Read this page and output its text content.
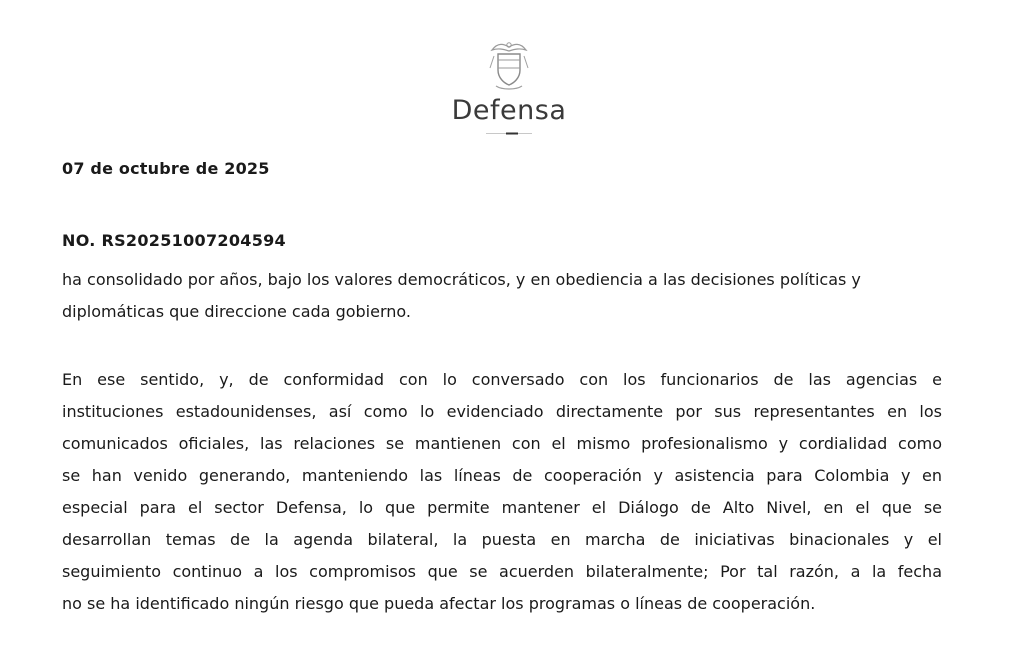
Defensa
07 de octubre de 2025
NO. RS20251007204594

ha consolidado por años, bajo los valores democráticos, y en obediencia a las decisiones políticas y diplomáticas que direccione cada gobierno.

En ese sentido, y, de conformidad con lo conversado con los funcionarios de las agencias e
instituciones estadounidenses, así como lo evidenciado directamente por sus representantes en los
comunicados oficiales, las relaciones se mantienen con el mismo profesionalismo y cordialidad como
se han venido generando, manteniendo las líneas de cooperación y asistencia para Colombia y en
especial para el sector Defensa, lo que permite mantener el Diálogo de Alto Nivel, en el que se
desarrollan temas de la agenda bilateral, la puesta en marcha de iniciativas binacionales y el
seguimiento continuo a los compromisos que se acuerden bilateralmente; Por tal razón, a la fecha
no se ha identificado ningún riesgo que pueda afectar los programas o líneas de cooperación.
